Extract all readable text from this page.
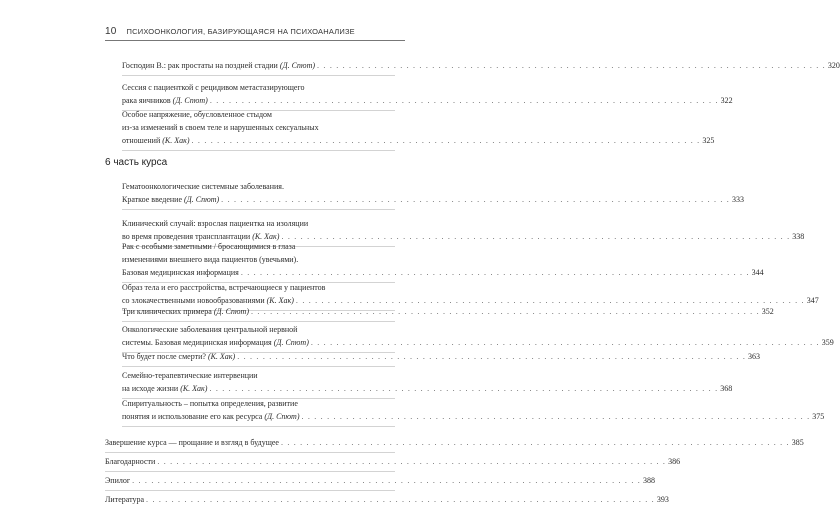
10 ПСИХООНКОЛОГИЯ, БАЗИРУЮЩАЯСЯ НА ПСИХОАНАЛИЗЕ
6 часть курса
Господин В.: рак простаты на поздней стадии (Д. Спют) . . . . . . . . . . . . . . . . . . . . . . . . . . . . . . . . . . . . . . . . . . . . . . . . . . . . . . . . . . . . . . . . . . . . . . . . . . . . . . . . 320
Сессия с пациенткой с рецидивом метастазирующего
рака яичников (Д. Спют) . . . . . . . . . . . . . . . . . . . . . . . . . . . . . . . . . . . . . . . . . . . . . . . . . . . . . . . . . . . . . . . . . . . . . . . . . . . . . . . . 322
Особое напряжение, обусловленное стыдом
из-за изменений в своем теле и нарушенных сексуальных
отношений (К. Хак) . . . . . . . . . . . . . . . . . . . . . . . . . . . . . . . . . . . . . . . . . . . . . . . . . . . . . . . . . . . . . . . . . . . . . . . . . . . . . . . . 325
Гематоонкологические системные заболевания.
Краткое введение (Д. Спют) . . . . . . . . . . . . . . . . . . . . . . . . . . . . . . . . . . . . . . . . . . . . . . . . . . . . . . . . . . . . . . . . . . . . . . . . . . . . . . . . 333
Клинический случай: взрослая пациентка на изоляции
во время проведения трансплантации (К. Хак) . . . . . . . . . . . . . . . . . . . . . . . . . . . . . . . . . . . . . . . . . . . . . . . . . . . . . . . . . . . . . . . . . . . . . . . . . . . . . . . . 338
Рак с особыми заметными / бросающимися в глаза
изменениями внешнего вида пациентов (увечьями).
Базовая медицинская информация . . . . . . . . . . . . . . . . . . . . . . . . . . . . . . . . . . . . . . . . . . . . . . . . . . . . . . . . . . . . . . . . . . . . . . . . . . . . . . . . 344
Образ тела и его расстройства, встречающиеся у пациентов
со злокачественными новообразованиями (К. Хак) . . . . . . . . . . . . . . . . . . . . . . . . . . . . . . . . . . . . . . . . . . . . . . . . . . . . . . . . . . . . . . . . . . . . . . . . . . . . . . . . 347
Три клинических примера (Д. Спют) . . . . . . . . . . . . . . . . . . . . . . . . . . . . . . . . . . . . . . . . . . . . . . . . . . . . . . . . . . . . . . . . . . . . . . . . . . . . . . . . 352
Онкологические заболевания центральной нервной
системы. Базовая медицинская информация (Д. Спют) . . . . . . . . . . . . . . . . . . . . . . . . . . . . . . . . . . . . . . . . . . . . . . . . . . . . . . . . . . . . . . . . . . . . . . . . . . . . . . . . 359
Что будет после смерти? (К. Хак) . . . . . . . . . . . . . . . . . . . . . . . . . . . . . . . . . . . . . . . . . . . . . . . . . . . . . . . . . . . . . . . . . . . . . . . . . . . . . . . . 363
Семейно-терапевтические интервенции
на исходе жизни (К. Хак) . . . . . . . . . . . . . . . . . . . . . . . . . . . . . . . . . . . . . . . . . . . . . . . . . . . . . . . . . . . . . . . . . . . . . . . . . . . . . . . . 368
Спиритуальность – попытка определения, развитие
понятия и использование его как ресурса (Д. Спют) . . . . . . . . . . . . . . . . . . . . . . . . . . . . . . . . . . . . . . . . . . . . . . . . . . . . . . . . . . . . . . . . . . . . . . . . . . . . . . . . 375
Завершение курса — прощание и взгляд в будущее . . . . . . . . . . . . . . . . . . . . . . . . . . . . . . . . . . . . . . . . . . . . . . . . . . . . . . . . . . . . . . . . . . . . . . . . . . . . . . . . 385
Благодарности . . . . . . . . . . . . . . . . . . . . . . . . . . . . . . . . . . . . . . . . . . . . . . . . . . . . . . . . . . . . . . . . . . . . . . . . . . . . . . . . 386
Эпилог . . . . . . . . . . . . . . . . . . . . . . . . . . . . . . . . . . . . . . . . . . . . . . . . . . . . . . . . . . . . . . . . . . . . . . . . . . . . . . . . 388
Литература . . . . . . . . . . . . . . . . . . . . . . . . . . . . . . . . . . . . . . . . . . . . . . . . . . . . . . . . . . . . . . . . . . . . . . . . . . . . . . . . 393
